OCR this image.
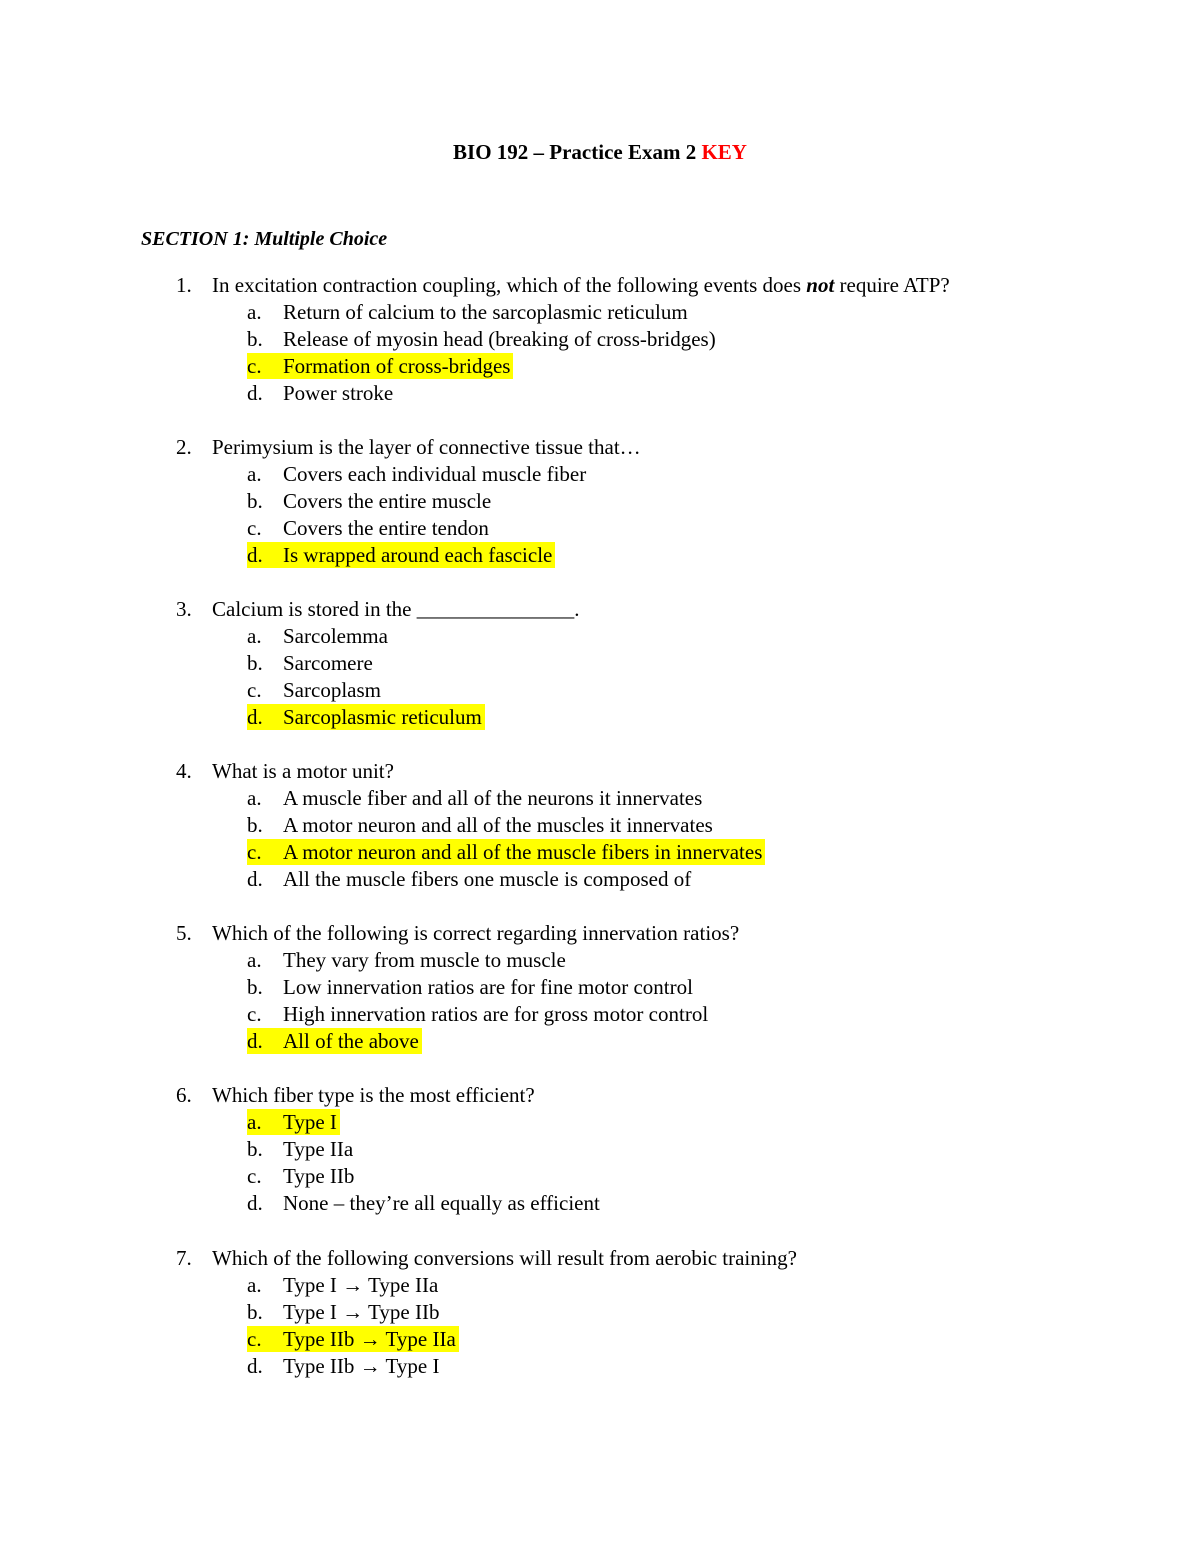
BIO 192 – Practice Exam 2 KEY
SECTION 1: Multiple Choice
1. In excitation contraction coupling, which of the following events does not require ATP?
a. Return of calcium to the sarcoplasmic reticulum
b. Release of myosin head (breaking of cross-bridges)
c. Formation of cross-bridges
d. Power stroke
2. Perimysium is the layer of connective tissue that…
a. Covers each individual muscle fiber
b. Covers the entire muscle
c. Covers the entire tendon
d. Is wrapped around each fascicle
3. Calcium is stored in the _______________.
a. Sarcolemma
b. Sarcomere
c. Sarcoplasm
d. Sarcoplasmic reticulum
4. What is a motor unit?
a. A muscle fiber and all of the neurons it innervates
b. A motor neuron and all of the muscles it innervates
c. A motor neuron and all of the muscle fibers in innervates
d. All the muscle fibers one muscle is composed of
5. Which of the following is correct regarding innervation ratios?
a. They vary from muscle to muscle
b. Low innervation ratios are for fine motor control
c. High innervation ratios are for gross motor control
d. All of the above
6. Which fiber type is the most efficient?
a. Type I
b. Type IIa
c. Type IIb
d. None – they’re all equally as efficient
7. Which of the following conversions will result from aerobic training?
a. Type I → Type IIa
b. Type I → Type IIb
c. Type IIb → Type IIa
d. Type IIb → Type I
